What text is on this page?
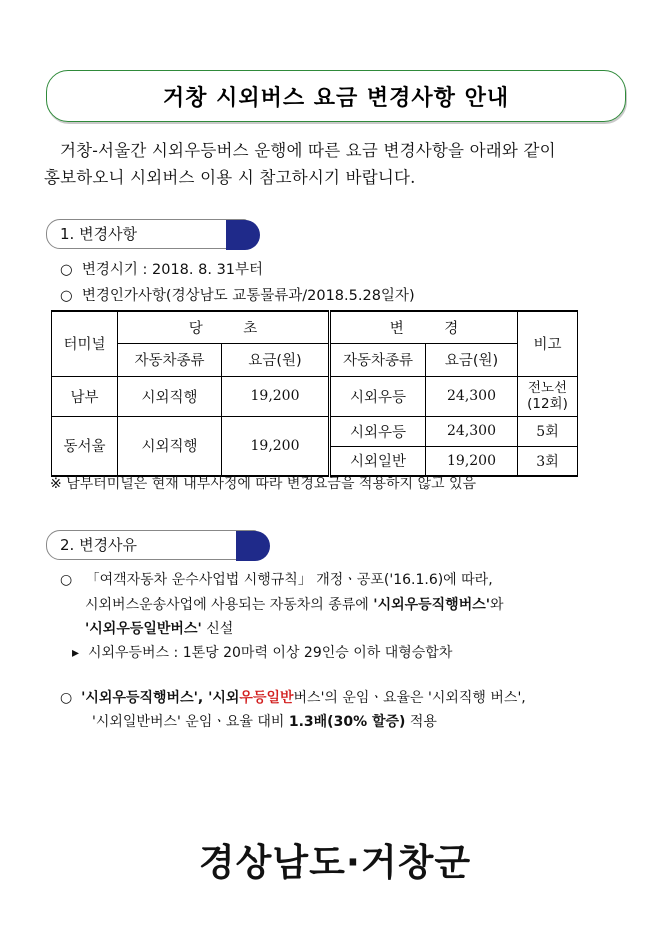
거창 시외버스 요금 변경사항 안내
거창-서울간 시외우등버스 운행에 따른 요금 변경사항을 아래와 같이
홍보하오니 시외버스 이용 시 참고하시기 바랍니다.
1. 변경사항
○ 변경시기 : 2018. 8. 31부터
○ 변경인가사항(경상남도 교통물류과/2018.5.28일자)
터미널	당 초		변 경		비고
	자동차종류	요금(원)	자동차종류	요금(원)	
남부	시외직행	19,200	시외우등	24,300	전노선 (12회)
동서울	시외직행	19,200	시외우등	24,300	5회
			시외일반	19,200	3회
※ 남부터미널은 현재 내부사정에 따라 변경요금을 적용하지 않고 있음
2. 변경사유
○ 「여객자동차 운수사업법 시행규칙」 개정ㆍ공포('16.1.6)에 따라,
시외버스운송사업에 사용되는 자동차의 종류에 '시외우등직행버스'와
'시외우등일반버스' 신설
▸ 시외우등버스 : 1톤당 20마력 이상 29인승 이하 대형승합차
○ '시외우등직행버스', '시외우등일반버스'의 운임ㆍ요율은 '시외직행 버스',
'시외일반버스' 운임ㆍ요율 대비 1.3배(30% 할증) 적용
경상남도·거창군
